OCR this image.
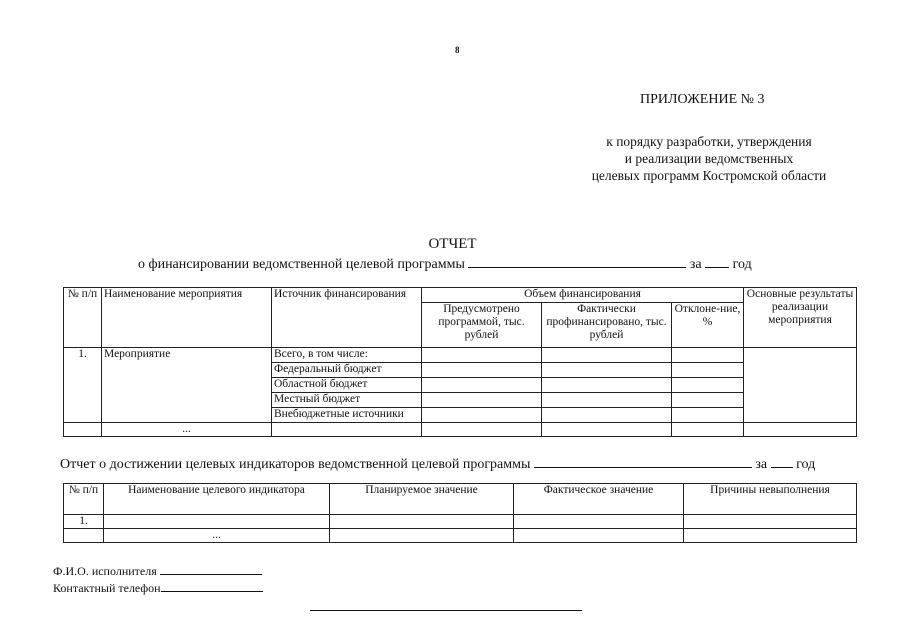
8
ПРИЛОЖЕНИЕ № 3
к порядку разработки, утверждения
и реализации ведомственных
целевых программ Костромской области
ОТЧЕТ
о финансировании ведомственной целевой программы	за год
№ п/п	Наименование мероприятия	Источник финансирования	Объем финансирования			Основные результаты реализации мероприятия
			Предусмотрено программой, тыс. рублей	Фактически профинансировано, тыс. рублей	Отклоне-ние, %	
1.	Мероприятие	Всего, в том числе:				
		Федеральный бюджет				
		Областной бюджет				
		Местный бюджет				
		Внебюджетные источники				
	...					
Отчет о достижении целевых индикаторов ведомственной целевой программы	за год
№ п/п	Наименование целевого индикатора	Планируемое значение	Фактическое значение	Причины невыполнения
1.				
	...			
Ф.И.О. исполнителя
Контактный телефон
